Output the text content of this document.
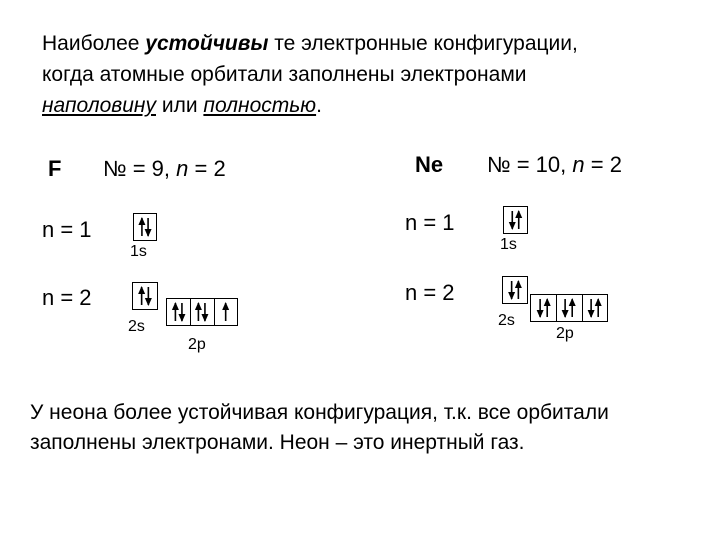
Наиболее устойчивы те электронные конфигурации,
когда атомные орбитали заполнены электронами
наполовину или полностью.
F № = 9, n = 2
n = 1
n = 2
1s
2s
2p
Ne № = 10, n = 2
n = 1
n = 2
1s
2s
2p
У неона более устойчивая конфигурация, т.к. все орбитали
заполнены электронами. Неон – это инертный газ.
